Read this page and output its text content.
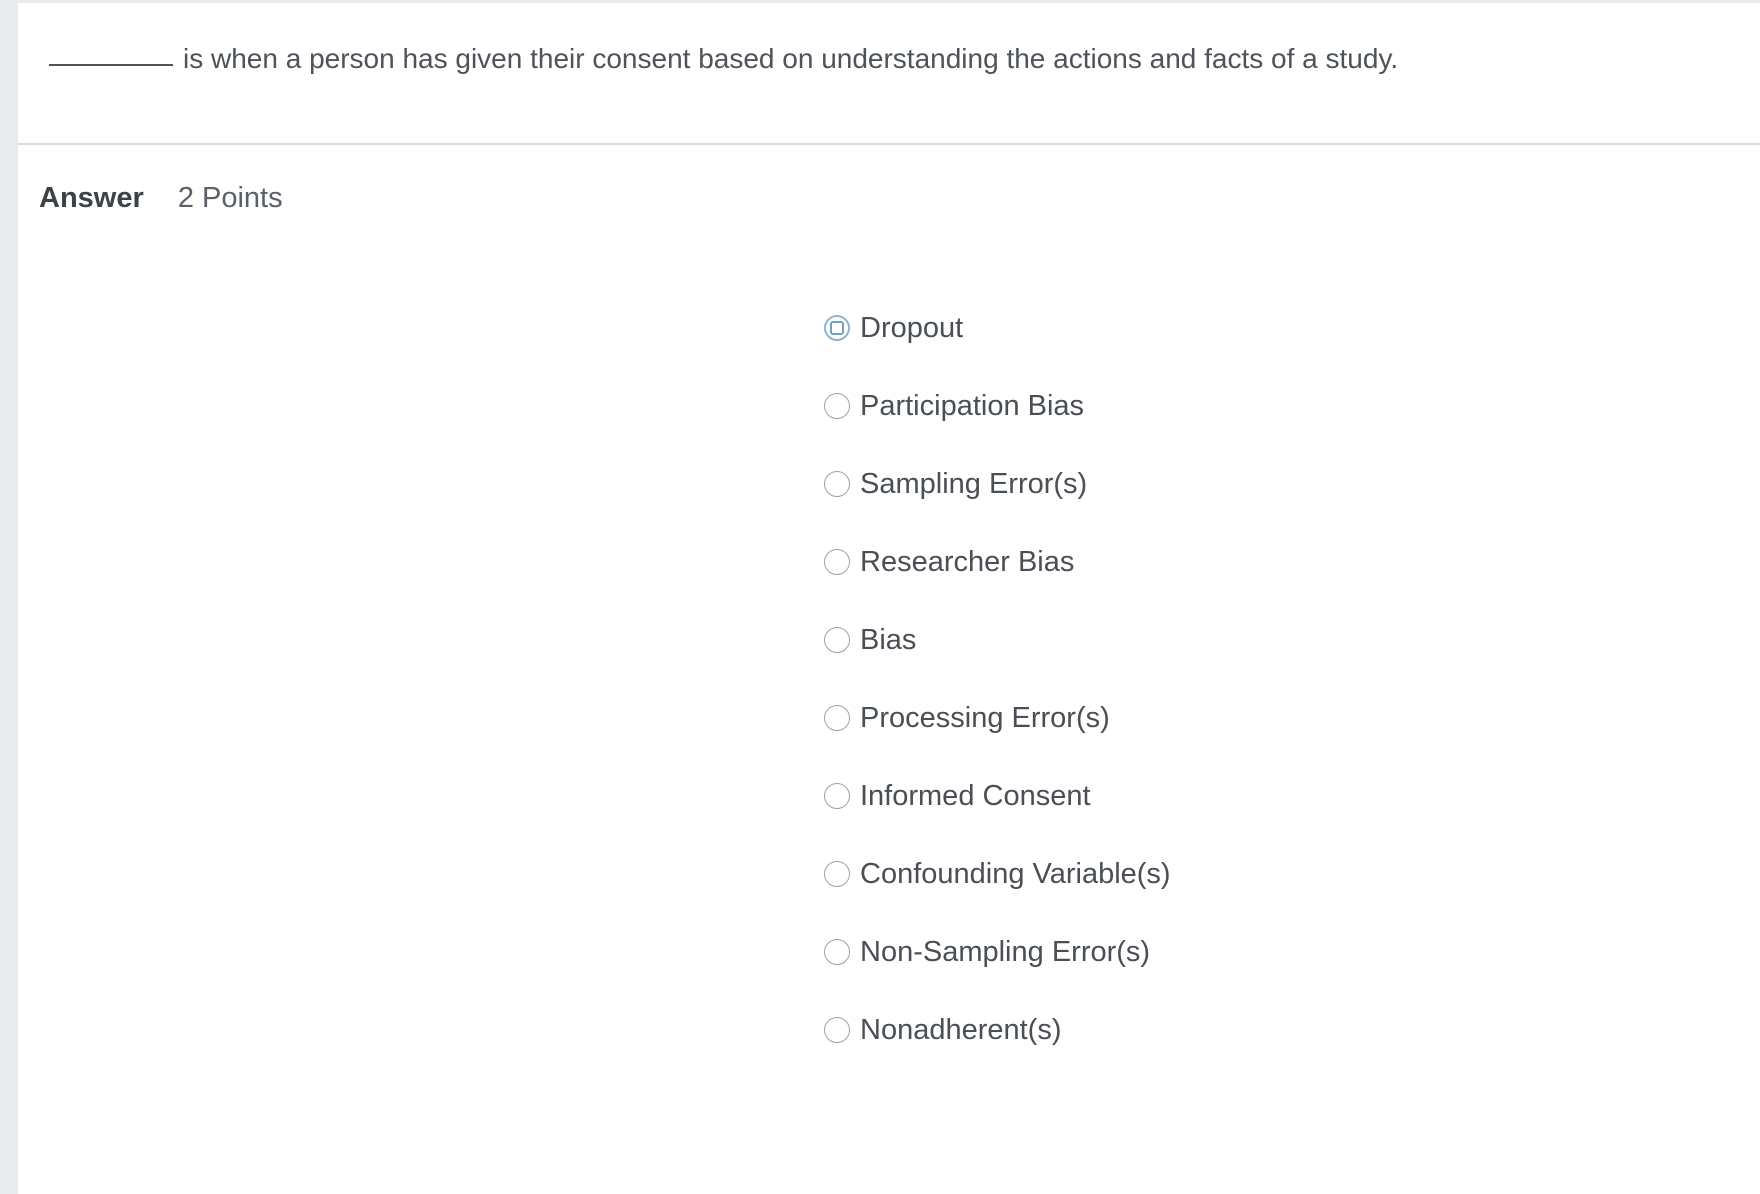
is when a person has given their consent based on understanding the actions and facts of a study.
Answer 2 Points
Dropout
Participation Bias
Sampling Error(s)
Researcher Bias
Bias
Processing Error(s)
Informed Consent
Confounding Variable(s)
Non-Sampling Error(s)
Nonadherent(s)
